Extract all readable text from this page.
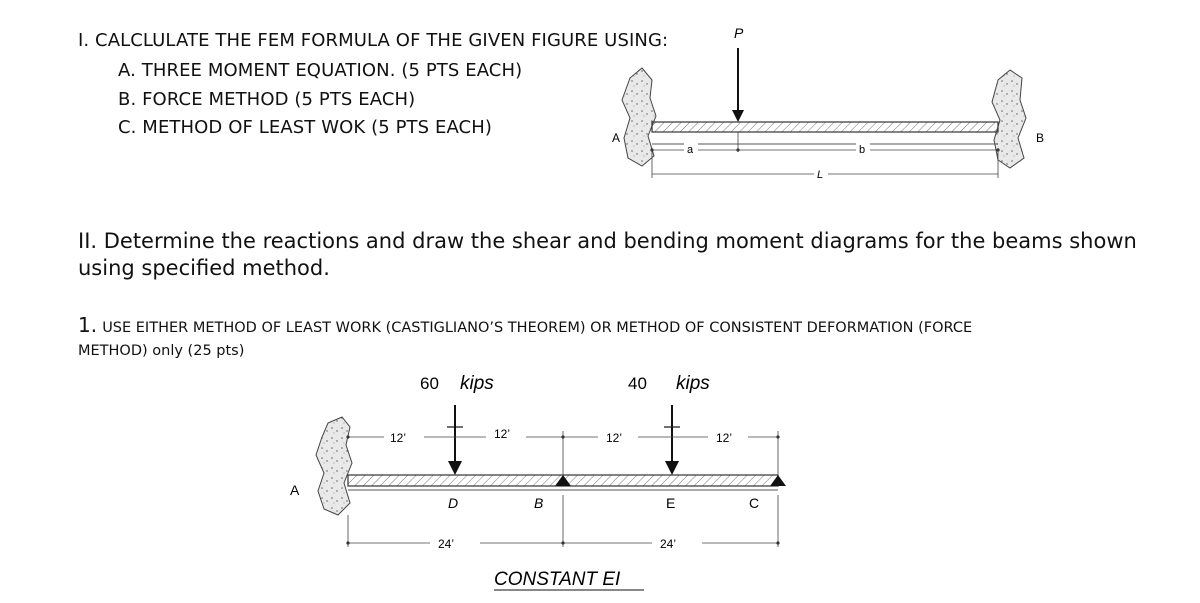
I. CALCLULATE THE FEM FORMULA OF THE GIVEN FIGURE USING:
A. THREE MOMENT EQUATION. (5 PTS EACH)
B. FORCE METHOD (5 PTS EACH)
C. METHOD OF LEAST WOK (5 PTS EACH)
P
A	B
a	b
L
II. Determine the reactions and draw the shear and bending moment diagrams for the beams shown
using specified method.
1. USE EITHER METHOD OF LEAST WORK (CASTIGLIANO’S THEOREM) OR METHOD OF CONSISTENT DEFORMATION (FORCE
METHOD) only (25 pts)
60 kips	40 kips
A
D	B	E	C
12’	12’	12’	12’
24’	24’
CONSTANT EI
